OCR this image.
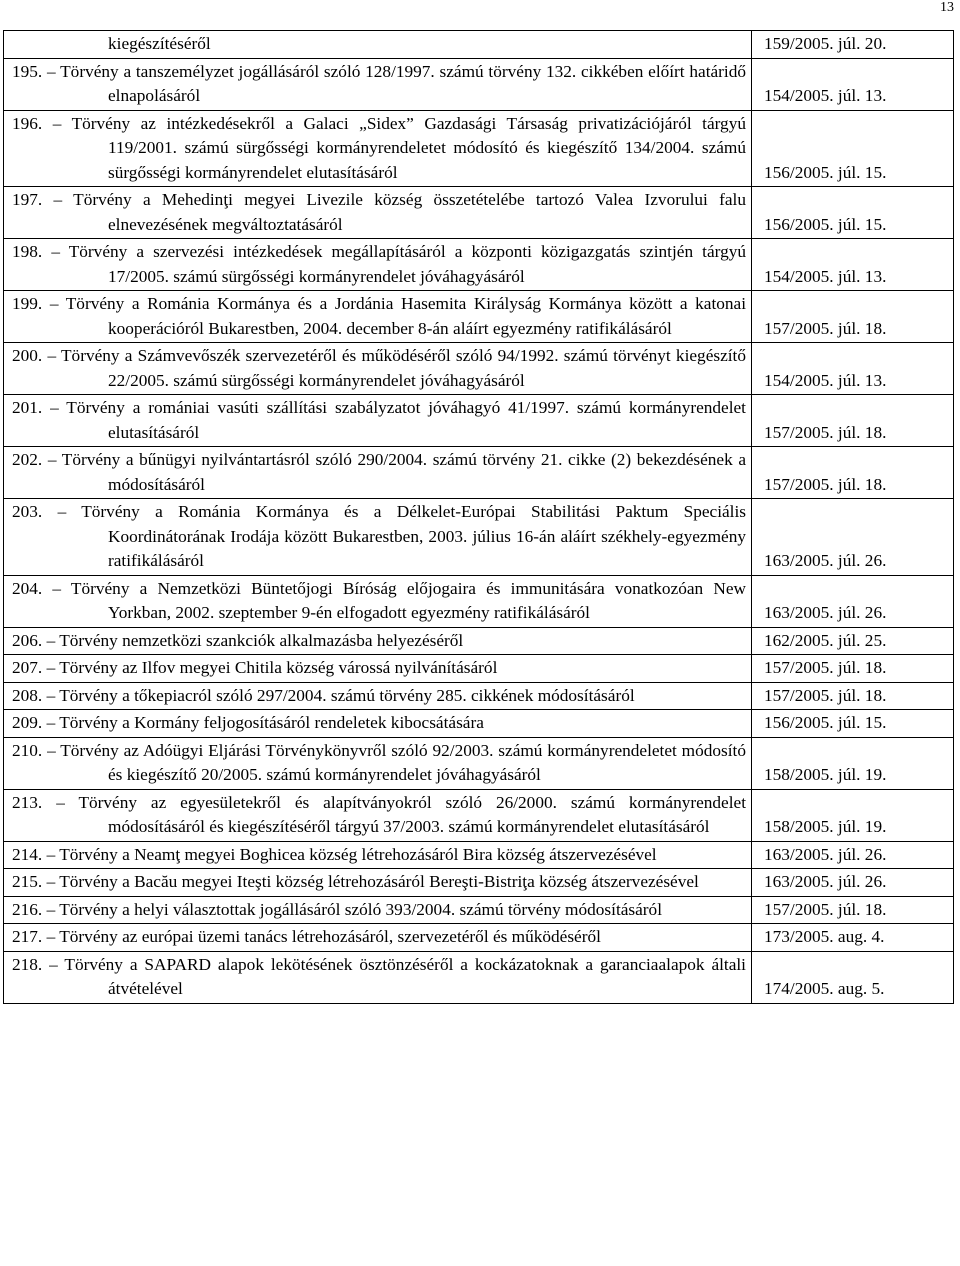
13
kiegészítéséről	159/2005. júl. 20.

195. – Törvény a tanszemélyzet jogállásáról szóló 128/1997. számú törvény 132. cikkében előírt határidő elnapolásáról	154/2005. júl. 13.

196. – Törvény az intézkedésekről a Galaci „Sidex” Gazdasági Társaság privatizációjáról tárgyú 119/2001. számú sürgősségi kormányrendeletet módosító és kiegészítő 134/2004. számú sürgősségi kormányrendelet elutasításáról	156/2005. júl. 15.

197. – Törvény a Mehedinţi megyei Livezile község összetételébe tartozó Valea Izvorului falu elnevezésének megváltoztatásáról	156/2005. júl. 15.

198. – Törvény a szervezési intézkedések megállapításáról a központi közigazgatás szintjén tárgyú 17/2005. számú sürgősségi kormányrendelet jóváhagyásáról	154/2005. júl. 13.

199. – Törvény a Románia Kormánya és a Jordánia Hasemita Királyság Kormánya között a katonai kooperációról Bukarestben, 2004. december 8-án aláírt egyezmény ratifikálásáról	157/2005. júl. 18.

200. – Törvény a Számvevőszék szervezetéről és működéséről szóló 94/1992. számú törvényt kiegészítő 22/2005. számú sürgősségi kormányrendelet jóváhagyásáról	154/2005. júl. 13.

201. – Törvény a romániai vasúti szállítási szabályzatot jóváhagyó 41/1997. számú kormányrendelet elutasításáról	157/2005. júl. 18.

202. – Törvény a bűnügyi nyilvántartásról szóló 290/2004. számú törvény 21. cikke (2) bekezdésének a módosításáról	157/2005. júl. 18.

203. – Törvény a Románia Kormánya és a Délkelet-Európai Stabilitási Paktum Speciális Koordinátorának Irodája között Bukarestben, 2003. július 16-án aláírt székhely-egyezmény ratifikálásáról	163/2005. júl. 26.

204. – Törvény a Nemzetközi Büntetőjogi Bíróság előjogaira és immunitására vonatkozóan New Yorkban, 2002. szeptember 9-én elfogadott egyezmény ratifikálásáról	163/2005. júl. 26.

206. – Törvény nemzetközi szankciók alkalmazásba helyezéséről	162/2005. júl. 25.

207. – Törvény az Ilfov megyei Chitila község várossá nyilvánításáról	157/2005. júl. 18.

208. – Törvény a tőkepiacról szóló 297/2004. számú törvény 285. cikkének módosításáról	157/2005. júl. 18.

209. – Törvény a Kormány feljogosításáról rendeletek kibocsátására	156/2005. júl. 15.

210. – Törvény az Adóügyi Eljárási Törvénykönyvről szóló 92/2003. számú kormányrendeletet módosító és kiegészítő 20/2005. számú kormányrendelet jóváhagyásáról	158/2005. júl. 19.

213. – Törvény az egyesületekről és alapítványokról szóló 26/2000. számú kormányrendelet módosításáról és kiegészítéséről tárgyú 37/2003. számú kormányrendelet elutasításáról	158/2005. júl. 19.

214. – Törvény a Neamţ megyei Boghicea község létrehozásáról Bira község átszervezésével	163/2005. júl. 26.

215. – Törvény a Bacău megyei Iteşti község létrehozásáról Bereşti-Bistriţa község átszervezésével	163/2005. júl. 26.

216. – Törvény a helyi választottak jogállásáról szóló 393/2004. számú törvény módosításáról	157/2005. júl. 18.

217. – Törvény az európai üzemi tanács létrehozásáról, szervezetéről és működéséről	173/2005. aug. 4.

218. – Törvény a SAPARD alapok lekötésének ösztönzéséről a kockázatoknak a garanciaalapok általi átvételével	174/2005. aug. 5.
